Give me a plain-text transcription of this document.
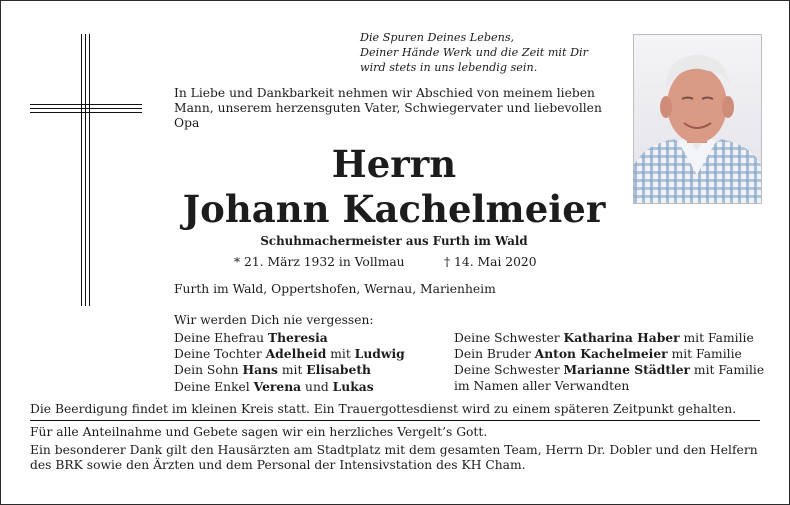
Die Spuren Deines Lebens,
Deiner Hände Werk und die Zeit mit Dir
wird stets in uns lebendig sein.
In Liebe und Dankbarkeit nehmen wir Abschied von meinem lieben Mann, unserem herzensguten Vater, Schwiegervater und liebevollen Opa
Herrn
Johann Kachelmeier
Schuhmachermeister aus Furth im Wald
* 21. März 1932 in Vollmau	† 14. Mai 2020
Furth im Wald, Oppertshofen, Wernau, Marienheim
Wir werden Dich nie vergessen:
Deine Ehefrau Theresia
Deine Tochter Adelheid mit Ludwig
Dein Sohn Hans mit Elisabeth
Deine Enkel Verena und Lukas
Deine Schwester Katharina Haber mit Familie
Dein Bruder Anton Kachelmeier mit Familie
Deine Schwester Marianne Städtler mit Familie
im Namen aller Verwandten
Die Beerdigung findet im kleinen Kreis statt. Ein Trauergottesdienst wird zu einem späteren Zeitpunkt gehalten.
Für alle Anteilnahme und Gebete sagen wir ein herzliches Vergelt’s Gott.
Ein besonderer Dank gilt den Hausärzten am Stadtplatz mit dem gesamten Team, Herrn Dr. Dobler und den Helfern des BRK sowie den Ärzten und dem Personal der Intensivstation des KH Cham.
